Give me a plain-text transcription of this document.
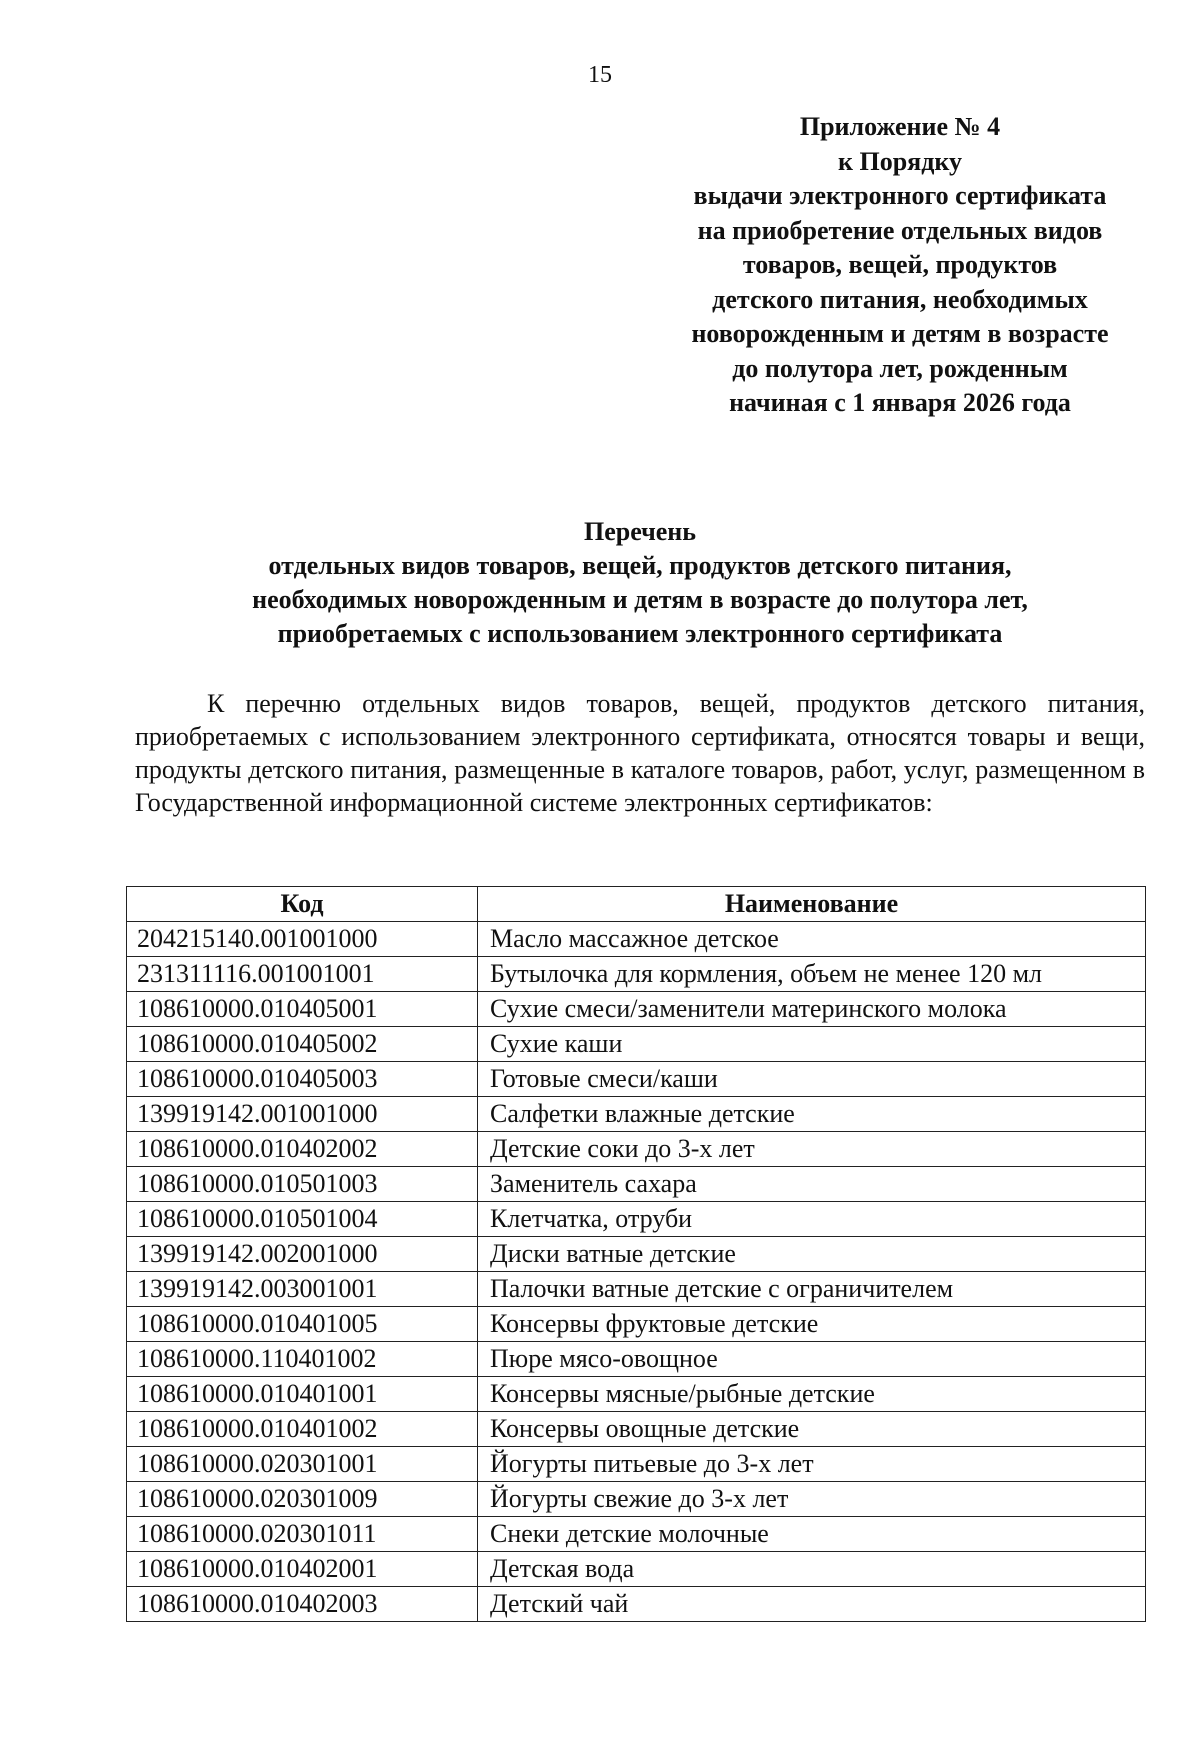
15
Приложение № 4
к Порядку
выдачи электронного сертификата
на приобретение отдельных видов
товаров, вещей, продуктов
детского питания, необходимых
новорожденным и детям в возрасте
до полутора лет, рожденным
начиная с 1 января 2026 года
Перечень
отдельных видов товаров, вещей, продуктов детского питания,
необходимых новорожденным и детям в возрасте до полутора лет,
приобретаемых с использованием электронного сертификата
К перечню отдельных видов товаров, вещей, продуктов детского питания, приобретаемых с использованием электронного сертификата, относятся товары и вещи, продукты детского питания, размещенные в каталоге товаров, работ, услуг, размещенном в Государственной информационной системе электронных сертификатов:
Код	Наименование
204215140.001001000	Масло массажное детское
231311116.001001001	Бутылочка для кормления, объем не менее 120 мл
108610000.010405001	Сухие смеси/заменители материнского молока
108610000.010405002	Сухие каши
108610000.010405003	Готовые смеси/каши
139919142.001001000	Салфетки влажные детские
108610000.010402002	Детские соки до 3-х лет
108610000.010501003	Заменитель сахара
108610000.010501004	Клетчатка, отруби
139919142.002001000	Диски ватные детские
139919142.003001001	Палочки ватные детские с ограничителем
108610000.010401005	Консервы фруктовые детские
108610000.110401002	Пюре мясо-овощное
108610000.010401001	Консервы мясные/рыбные детские
108610000.010401002	Консервы овощные детские
108610000.020301001	Йогурты питьевые до 3-х лет
108610000.020301009	Йогурты свежие до 3-х лет
108610000.020301011	Снеки детские молочные
108610000.010402001	Детская вода
108610000.010402003	Детский чай
